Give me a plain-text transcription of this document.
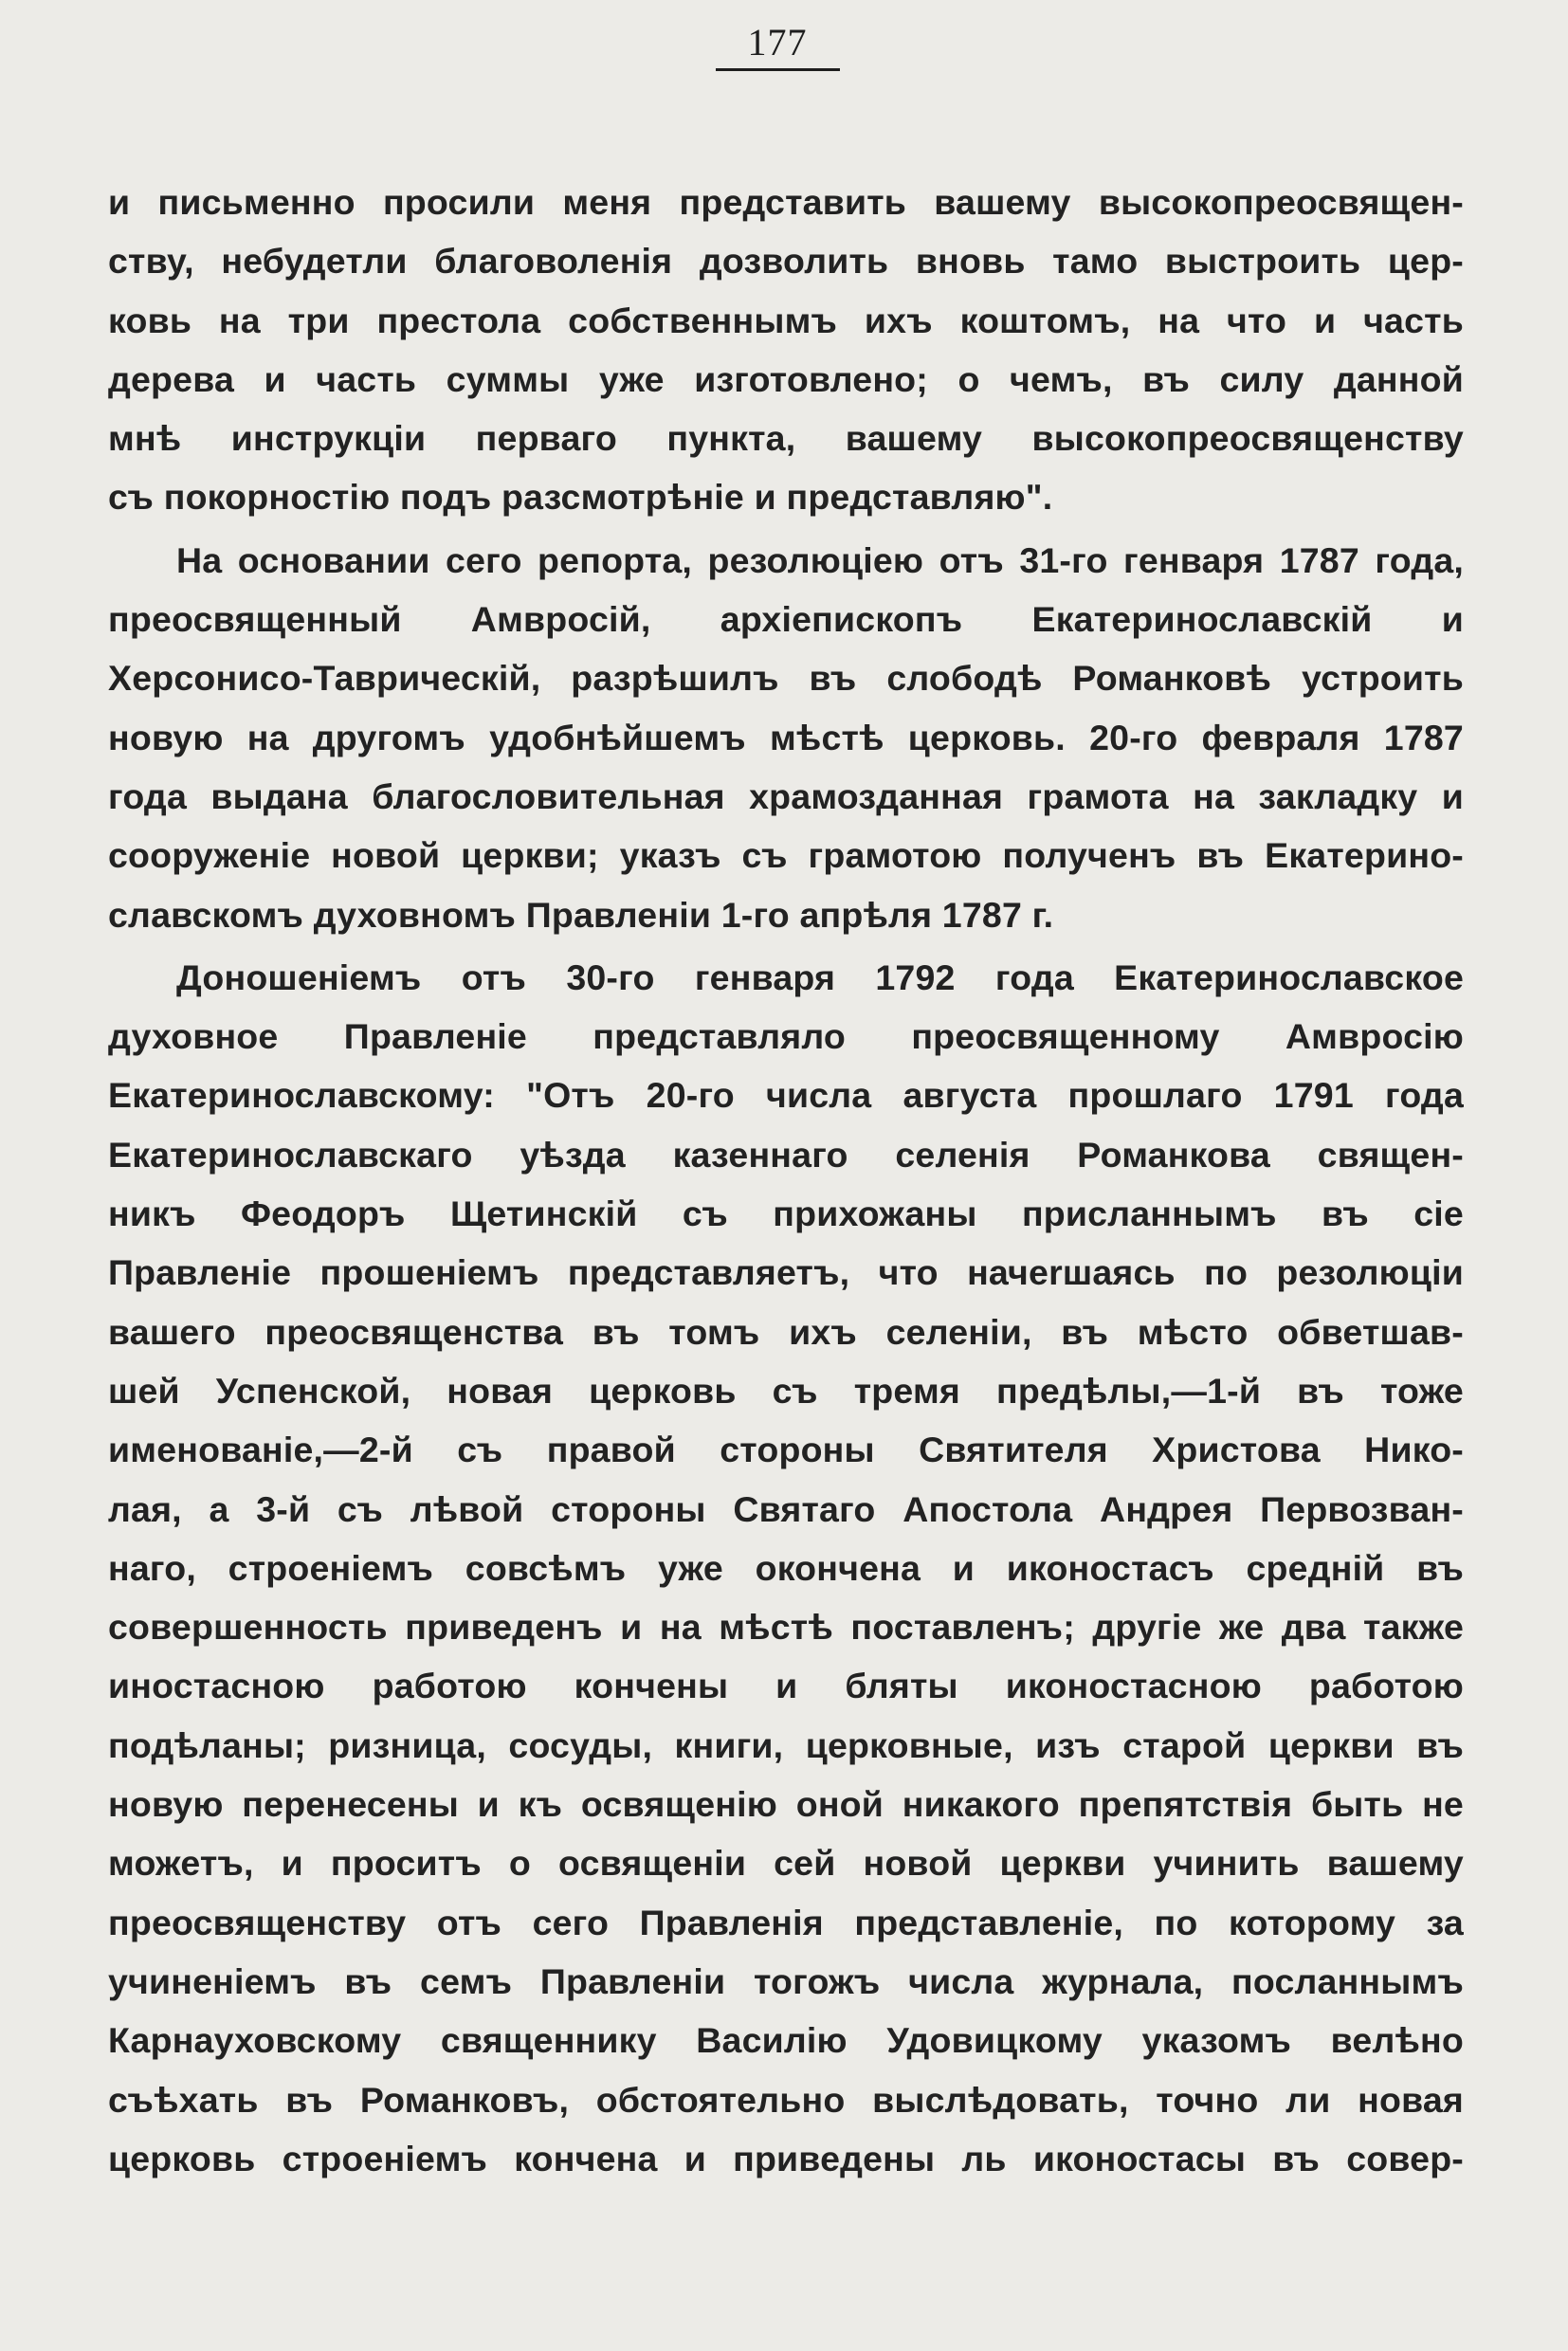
177
и письменно просили меня представить вашему высокопреосвящен-
ству, небудетли благоволенія дозволить вновь тамо выстроить цер-
ковь на три престола собственнымъ ихъ коштомъ, на что и часть
дерева и часть суммы уже изготовлено; о чемъ, въ силу данной
мнѣ инструкціи перваго пункта, вашему высокопреосвященству
съ покорностію подъ разсмотрѣніе и представляю".
На основании сего репорта, резолюціею отъ 31-го генваря 1787 года,
преосвященный Амвросій, архіепископъ Екатеринославскій и
Херсонисо-Таврическій, разрѣшилъ въ слободѣ Романковѣ устроить
новую на другомъ удобнѣйшемъ мѣстѣ церковь. 20-го февраля 1787
года выдана благословительная храмозданная грамота на закладку и
сооруженіе новой церкви; указъ съ грамотою полученъ въ Екатерино-
славскомъ духовномъ Правленіи 1-го апрѣля 1787 г.
Доношеніемъ отъ 30-го генваря 1792 года Екатеринославское
духовное Правленіе представляло преосвященному Амвросію
Екатеринославскому: "Отъ 20-го числа августа прошлаго 1791 года
Екатеринославскаго уѣзда казеннаго селенія Романкова священ-
никъ Феодоръ Щетинскій съ прихожаны присланнымъ въ сіе
Правленіе прошеніемъ представляетъ, что начеrшаясь по резолюціи
вашего преосвященства въ томъ ихъ селеніи, въ мѣсто обветшав-
шей Успенской, новая церковь съ тремя предѣлы,—1-й въ тоже
именованіе,—2-й съ правой стороны Святителя Христова Нико-
лая, а 3-й съ лѣвой стороны Святаго Апостола Андрея Первозван-
наго, строеніемъ совсѣмъ уже окончена и иконостасъ средній въ
совершенность приведенъ и на мѣстѣ поставленъ; другіе же два также
иностасною работою кончены и бляты иконостасною работою
подѣланы; ризница, сосуды, книги, церковные, изъ старой церкви въ
новую перенесены и къ освященію оной никакого препятствія быть не
можетъ, и проситъ о освященіи сей новой церкви учинить вашему
преосвященству отъ сего Правленія представленіе, по которому за
учиненіемъ въ семъ Правленіи тогожъ числа журнала, посланнымъ
Карнауховскому священнику Василію Удовицкому указомъ велѣно
съѣхать въ Романковъ, обстоятельно выслѣдовать, точно ли новая
церковь строеніемъ кончена и приведены ль иконостасы въ совер-
